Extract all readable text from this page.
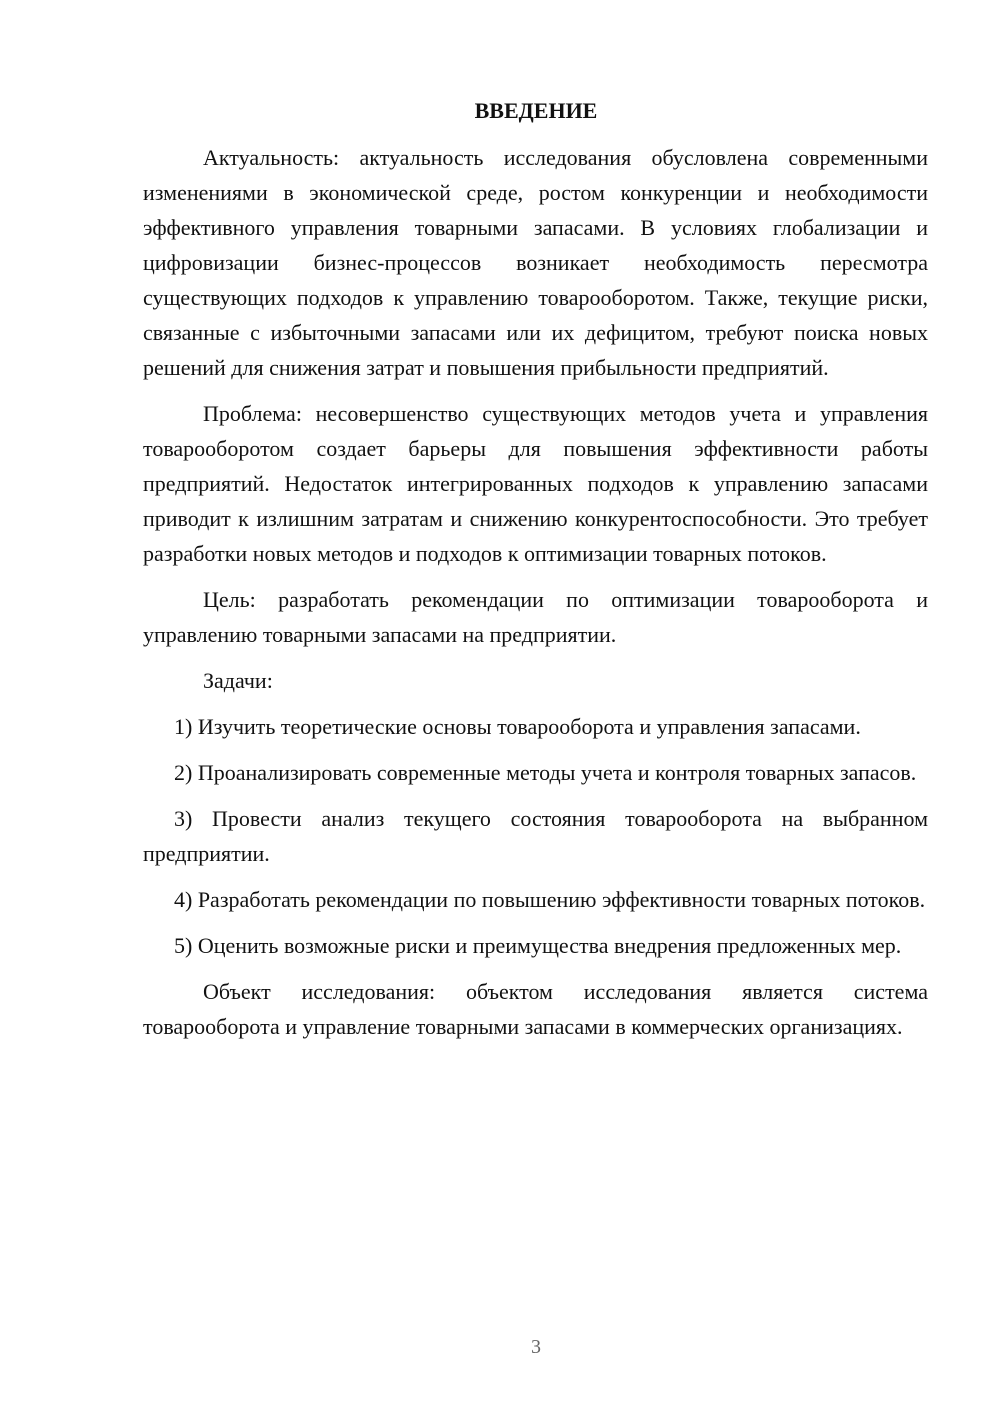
ВВЕДЕНИЕ

Актуальность: актуальность исследования обусловлена современными изменениями в экономической среде, ростом конкуренции и необходимости эффективного управления товарными запасами. В условиях глобализации и цифровизации бизнес-процессов возникает необходимость пересмотра существующих подходов к управлению товарооборотом. Также, текущие риски, связанные с избыточными запасами или их дефицитом, требуют поиска новых решений для снижения затрат и повышения прибыльности предприятий.

Проблема: несовершенство существующих методов учета и управления товарооборотом создает барьеры для повышения эффективности работы предприятий. Недостаток интегрированных подходов к управлению запасами приводит к излишним затратам и снижению конкурентоспособности. Это требует разработки новых методов и подходов к оптимизации товарных потоков.

Цель: разработать рекомендации по оптимизации товарооборота и управлению товарными запасами на предприятии.

Задачи:

1) Изучить теоретические основы товарооборота и управления запасами.

2) Проанализировать современные методы учета и контроля товарных запасов.

3) Провести анализ текущего состояния товарооборота на выбранном предприятии.

4) Разработать рекомендации по повышению эффективности товарных потоков.

5) Оценить возможные риски и преимущества внедрения предложенных мер.

Объект исследования: объектом исследования является система товарооборота и управление товарными запасами в коммерческих организациях.

3
